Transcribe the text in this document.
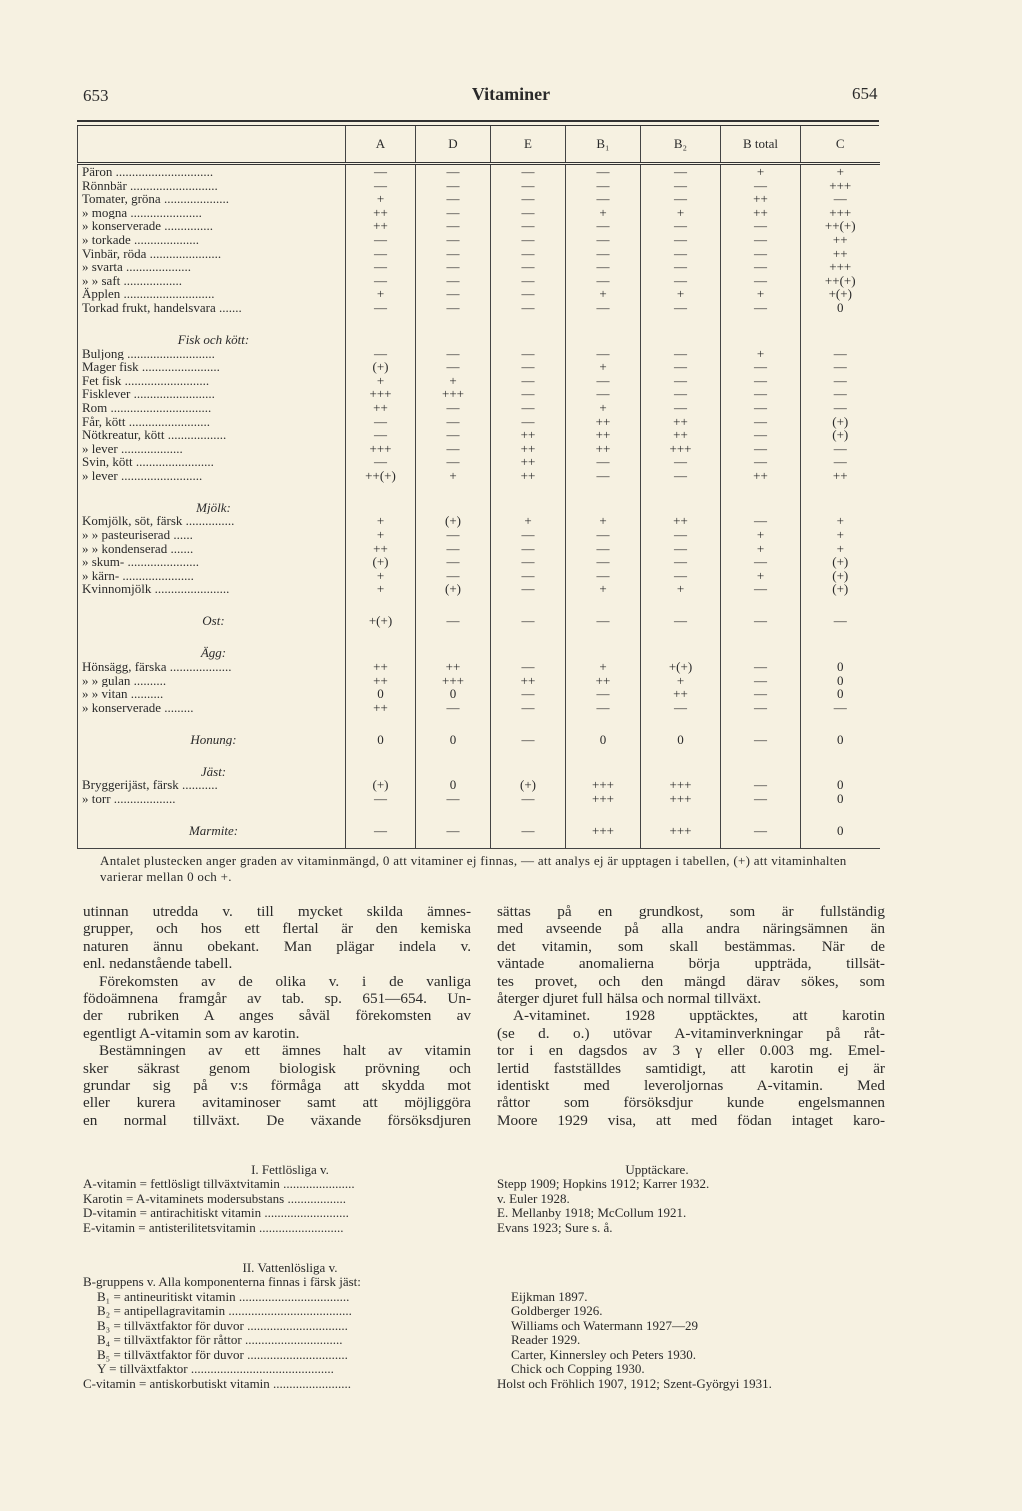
653	Vitaminer	654
	A	D	E	B₁	B₂	B total	C
Päron ..............................	—	—	—	—	—	+	+
Rönnbär ...........................	—	—	—	—	—	—	+++
Tomater, gröna ....................	+	—	—	—	—	++	—
» mogna ......................	++	—	—	+	+	++	+++
» konserverade ...............	++	—	—	—	—	—	++(+)
» torkade ....................	—	—	—	—	—	—	++
Vinbär, röda ......................	—	—	—	—	—	—	++
» svarta ....................	—	—	—	—	—	—	+++
» » saft ..................	—	—	—	—	—	—	++(+)
Äpplen ............................	+	—	—	+	+	+	+(+)
Torkad frukt, handelsvara .......	—	—	—	—	—	—	0

Fisk och kött:							
Buljong ...........................	—	—	—	—	—	+	—
Mager fisk ........................	(+)	—	—	+	—	—	—
Fet fisk ..........................	+	+	—	—	—	—	—
Fisklever .........................	+++	+++	—	—	—	—	—
Rom ...............................	++	—	—	+	—	—	—
Får, kött .........................	—	—	—	++	++	—	(+)
Nötkreatur, kött ..................	—	—	++	++	++	—	(+)
» lever ...................	+++	—	++	++	+++	—	—
Svin, kött ........................	—	—	++	—	—	—	—
» lever .........................	++(+)	+	++	—	—	++	++

Mjölk:							
Komjölk, söt, färsk ...............	+	(+)	+	+	++	—	+
» » pasteuriserad ......	+	—	—	—	—	+	+
» » kondenserad .......	++	—	—	—	—	+	+
» skum- ......................	(+)	—	—	—	—	—	(+)
» kärn- ......................	+	—	—	—	—	+	(+)
Kvinnomjölk .......................	+	(+)	—	+	+	—	(+)

Ost:	+(+)	—	—	—	—	—	—

Ägg:							
Hönsägg, färska ...................	++	++	—	+	+(+)	—	0
» » gulan ..........	++	+++	++	++	+	—	0
» » vitan ..........	0	0	—	—	++	—	0
» konserverade .........	++	—	—	—	—	—	—

Honung:	0	0	—	0	0	—	0

Jäst:							
Bryggerijäst, färsk ...........	(+)	0	(+)	+++	+++	—	0
» torr ...................	—	—	—	+++	+++	—	0

Marmite:	—	—	—	+++	+++	—	0

Antalet plustecken anger graden av vitaminmängd, 0 att vitaminer ej finnas, — att analys ej är upptagen i tabellen, (+) att vitaminhalten varierar mellan 0 och +.
utinnan utredda v. till mycket skilda ämnes-
grupper, och hos ett flertal är den kemiska
naturen ännu obekant. Man plägar indela v.
enl. nedanstående tabell.
Förekomsten av de olika v. i de vanliga
födoämnena framgår av tab. sp. 651—654. Un-
der rubriken A anges såväl förekomsten av
egentligt A-vitamin som av karotin.
Bestämningen av ett ämnes halt av vitamin
sker säkrast genom biologisk prövning och
grundar sig på v:s förmåga att skydda mot
eller kurera avitaminoser samt att möjliggöra
en normal tillväxt. De växande försöksdjuren
sättas på en grundkost, som är fullständig
med avseende på alla andra näringsämnen än
det vitamin, som skall bestämmas. När de
väntade anomalierna börja uppträda, tillsät-
tes provet, och den mängd därav sökes, som
återger djuret full hälsa och normal tillväxt.
A-vitaminet. 1928 upptäcktes, att karotin
(se d. o.) utövar A-vitaminverkningar på råt-
tor i en dagsdos av 3 γ eller 0.003 mg. Emel-
lertid fastställdes samtidigt, att karotin ej är
identiskt med leveroljornas A-vitamin. Med
råttor som försöksdjur kunde engelsmannen
Moore 1929 visa, att med födan intaget karo-
I. Fettlösliga v.	Upptäckare.
A-vitamin = fettlösligt tillväxtvitamin ......................	Stepp 1909; Hopkins 1912; Karrer 1932.
Karotin = A-vitaminets modersubstans ..................	v. Euler 1928.
D-vitamin = antirachitiskt vitamin ..........................	E. Mellanby 1918; McCollum 1921.
E-vitamin = antisterilitetsvitamin ..........................	Evans 1923; Sure s. å.
II. Vattenlösliga v.
B-gruppens v. Alla komponenterna finnas i färsk jäst:
B₁ = antineuritiskt vitamin ..................................	Eijkman 1897.
B₂ = antipellagravitamin ......................................	Goldberger 1926.
B₃ = tillväxtfaktor för duvor ...............................	Williams och Watermann 1927—29
B₄ = tillväxtfaktor för råttor ..............................	Reader 1929.
B₅ = tillväxtfaktor för duvor ...............................	Carter, Kinnersley och Peters 1930.
Y = tillväxtfaktor ............................................	Chick och Copping 1930.
C-vitamin = antiskorbutiskt vitamin ........................	Holst och Fröhlich 1907, 1912; Szent-Györgyi 1931.
